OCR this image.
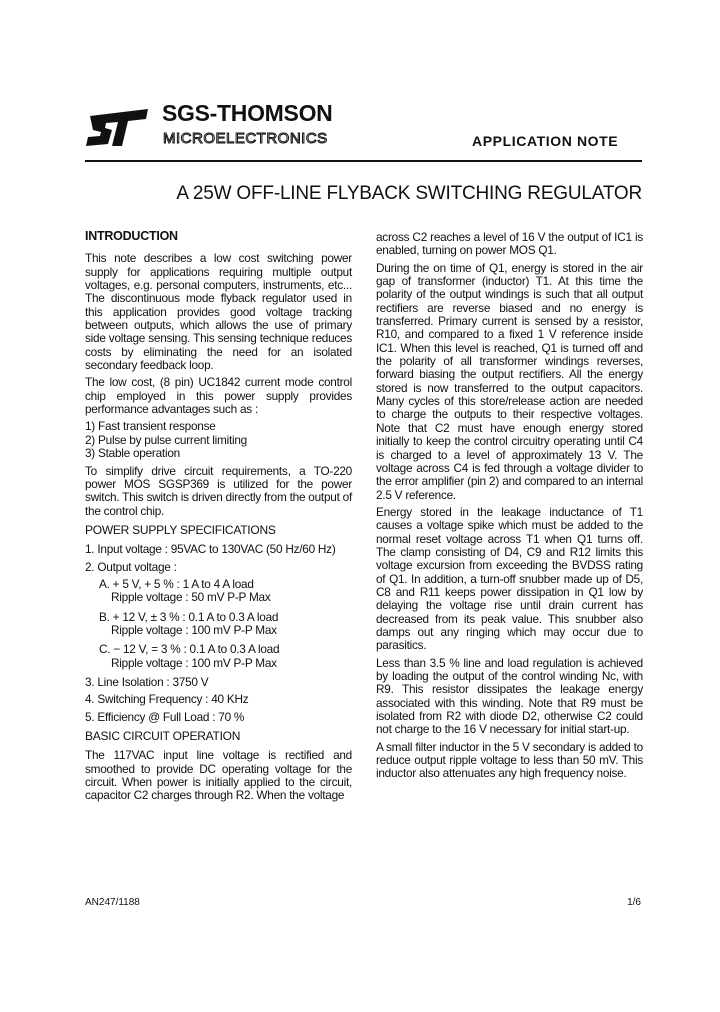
SGS-THOMSON
MICROELECTRONICS	APPLICATION NOTE
A 25W OFF-LINE FLYBACK SWITCHING REGULATOR
INTRODUCTION

This note describes a low cost switching power supply for applications requiring multiple output voltages, e.g. personal computers, instruments, etc... The discontinuous mode flyback regulator used in this application provides good voltage tracking between outputs, which allows the use of primary side voltage sensing. This sensing technique reduces costs by eliminating the need for an isolated secondary feedback loop.

The low cost, (8 pin) UC1842 current mode control chip employed in this power supply provides performance advantages such as :

1) Fast transient response
2) Pulse by pulse current limiting
3) Stable operation

To simplify drive circuit requirements, a TO-220 power MOS SGSP369 is utilized for the power switch. This switch is driven directly from the output of the control chip.

POWER SUPPLY SPECIFICATIONS
1. Input voltage : 95VAC to 130VAC (50 Hz/60 Hz)
2. Output voltage :
A. + 5 V, + 5 % : 1 A to 4 A load
Ripple voltage : 50 mV P-P Max
B. + 12 V, ± 3 % : 0.1 A to 0.3 A load
Ripple voltage : 100 mV P-P Max
C. − 12 V, = 3 % : 0.1 A to 0.3 A load
Ripple voltage : 100 mV P-P Max
3. Line Isolation : 3750 V
4. Switching Frequency : 40 KHz
5. Efficiency @ Full Load : 70 %
BASIC CIRCUIT OPERATION

The 117VAC input line voltage is rectified and smoothed to provide DC operating voltage for the circuit. When power is initially applied to the circuit, capacitor C2 charges through R2. When the voltage

across C2 reaches a level of 16 V the output of IC1 is enabled, turning on power MOS Q1.

During the on time of Q1, energy is stored in the air gap of transformer (inductor) T1. At this time the polarity of the output windings is such that all output rectifiers are reverse biased and no energy is transferred. Primary current is sensed by a resistor, R10, and compared to a fixed 1 V reference inside IC1. When this level is reached, Q1 is turned off and the polarity of all transformer windings reverses, forward biasing the output rectifiers. All the energy stored is now transferred to the output capacitors. Many cycles of this store/release action are needed to charge the outputs to their respective voltages. Note that C2 must have enough energy stored initially to keep the control circuitry operating until C4 is charged to a level of approximately 13 V. The voltage across C4 is fed through a voltage divider to the error amplifier (pin 2) and compared to an internal 2.5 V reference.

Energy stored in the leakage inductance of T1 causes a voltage spike which must be added to the normal reset voltage across T1 when Q1 turns off. The clamp consisting of D4, C9 and R12 limits this voltage excursion from exceeding the BVDSS rating of Q1. In addition, a turn-off snubber made up of D5, C8 and R11 keeps power dissipation in Q1 low by delaying the voltage rise until drain current has decreased from its peak value. This snubber also damps out any ringing which may occur due to parasitics.

Less than 3.5 % line and load regulation is achieved by loading the output of the control winding Nc, with R9. This resistor dissipates the leakage energy associated with this winding. Note that R9 must be isolated from R2 with diode D2, otherwise C2 could not charge to the 16 V necessary for initial start-up.

A small filter inductor in the 5 V secondary is added to reduce output ripple voltage to less than 50 mV. This inductor also attenuates any high frequency noise.

AN247/1188	1/6
